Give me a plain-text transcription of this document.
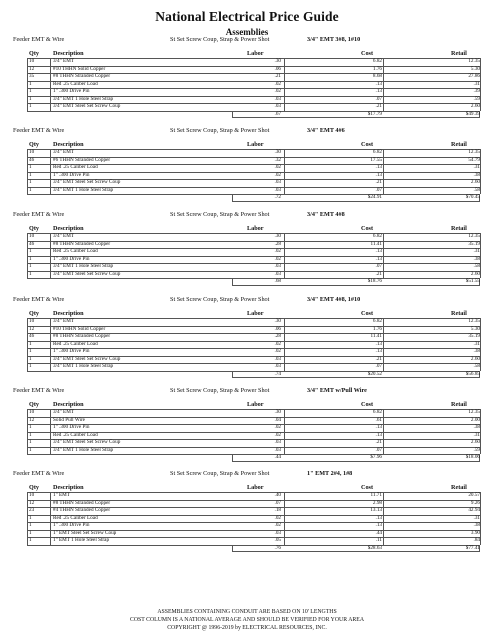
National Electrical Price Guide
Assemblies
Feeder EMT & Wire	St Set Screw Coup, Strap & Power Shot	3/4" EMT 3#8, 1#10
Qty Description	Labor	Cost	Retail
10	3/4" EMT	.30	6.82	12.35
12	#10 THHN Solid Copper	.06	1.76	5.30
35	#8 THHN Stranded Copper	.21	8.68	27.86
1	Red .25 Caliber Load	.02	.13	.31
1	1" .300 Drive Pin	.02	.13	.39
1	3/4" EMT 1 Hole Steel Strap	.03	.07	.59
1	3/4" EMT Steel Set Screw Coup	.03	.21	2.60
.67	$17.79	$49.39
Feeder EMT & Wire	St Set Screw Coup, Strap & Power Shot	3/4" EMT 4#6
Qty Description	Labor	Cost	Retail
10	3/4" EMT	.30	6.82	12.35
46	#6 THHN Stranded Copper	.32	17.55	54.79
1	Red .25 Caliber Load	.02	.13	.31
1	1" .300 Drive Pin	.02	.13	.38
1	3/4" EMT Steel Set Screw Coup	.03	.21	2.60
1	3/4" EMT 1 Hole Steel Strap	.03	.07	.58
.72	$24.91	$70.45
Feeder EMT & Wire	St Set Screw Coup, Strap & Power Shot	3/4" EMT 4#8
Qty Description	Labor	Cost	Retail
10	3/4" EMT	.30	6.82	12.35
46	#8 THHN Stranded Copper	.28	11.41	35.19
1	Red .25 Caliber Load	.02	.13	.31
1	1" .300 Drive Pin	.02	.13	.38
1	3/4" EMT 1 Hole Steel Strap	.03	.07	.58
1	3/4" EMT Steel Set Screw Coup	.03	.21	2.60
.68	$18.76	$51.55
Feeder EMT & Wire	St Set Screw Coup, Strap & Power Shot	3/4" EMT 4#8, 1#10
Qty Description	Labor	Cost	Retail
10	3/4" EMT	.30	6.82	12.35
12	#10 THHN Solid Copper	.06	1.76	5.30
46	#8 THHN Stranded Copper	.28	11.41	35.19
1	Red .25 Caliber Load	.02	.13	.31
1	1" .300 Drive Pin	.02	.13	.38
1	3/4" EMT Steel Set Screw Coup	.03	.21	2.60
1	3/4" EMT 1 Hole Steel Strap	.03	.07	.58
.74	$20.52	$56.85
Feeder EMT & Wire	St Set Screw Coup, Strap & Power Shot	3/4" EMT w/Pull Wire
Qty Description	Labor	Cost	Retail
10	3/4" EMT	.30	6.82	12.35
12	Solid Pull Wire	.04	.61	2.00
1	1" .300 Drive Pin	.02	.13	.38
1	Red .25 Caliber Load	.02	.13	.31
1	3/4" EMT Steel Set Screw Coup	.03	.21	2.60
1	3/4" EMT 1 Hole Steel Strap	.03	.07	.59
.44	$7.96	$18.06
Feeder EMT & Wire	St Set Screw Coup, Strap & Power Shot	1" EMT 2#4, 1#8
Qty Description	Labor	Cost	Retail
10	1" EMT	.40	11.71	20.57
12	#8 THHN Stranded Copper	.07	2.98	9.26
23	#4 THHN Stranded Copper	.18	13.13	42.94
1	Red .25 Caliber Load	.02	.13	.31
1	1" .300 Drive Pin	.02	.13	.38
1	1" EMT Steel Set Screw Coup	.03	.44	3.90
1	1" EMT 1 Hole Steel Strap	.05	.11	.84
.76	$28.63	$77.41
ASSEMBLIES CONTAINING CONDUIT ARE BASED ON 10' LENGTHS
COST COLUMN IS A NATIONAL AVERAGE AND SHOULD BE VERIFIED FOR YOUR AREA
COPYRIGHT @ 1996-2019 by ELECTRICAL RESOURCES, INC.
